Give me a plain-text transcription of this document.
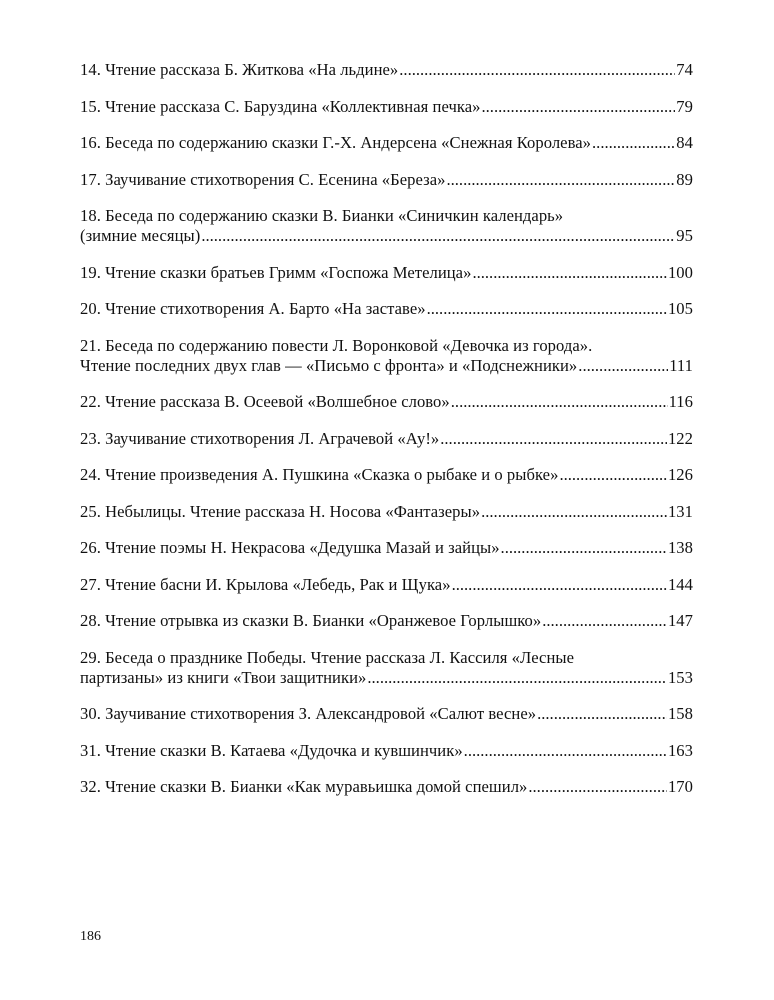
14. Чтение рассказа Б. Житкова «На льдине» .....	74
15. Чтение рассказа С. Баруздина «Коллективная печка» .....	79
16. Беседа по содержанию сказки Г.-Х. Андерсена «Снежная Королева» .....	84
17. Заучивание стихотворения С. Есенина «Береза» .....	89
18. Беседа по содержанию сказки В. Бианки «Синичкин календарь»
(зимние месяцы) .....	95
19. Чтение сказки братьев Гримм «Госпожа Метелица» .....	100
20. Чтение стихотворения А. Барто «На заставе» .....	105
21. Беседа по содержанию повести Л. Воронковой «Девочка из города».
Чтение последних двух глав — «Письмо с фронта» и «Подснежники» .....	111
22. Чтение рассказа В. Осеевой «Волшебное слово» .....	116
23. Заучивание стихотворения Л. Аграчевой «Ау!» .....	122
24. Чтение произведения А. Пушкина «Сказка о рыбаке и о рыбке» .....	126
25. Небылицы. Чтение рассказа Н. Носова «Фантазеры» .....	131
26. Чтение поэмы Н. Некрасова «Дедушка Мазай и зайцы» .....	138
27. Чтение басни И. Крылова «Лебедь, Рак и Щука» .....	144
28. Чтение отрывка из сказки В. Бианки «Оранжевое Горлышко» .....	147
29. Беседа о празднике Победы. Чтение рассказа Л. Кассиля «Лесные
партизаны» из книги «Твои защитники» .....	153
30. Заучивание стихотворения З. Александровой «Салют весне» .....	158
31. Чтение сказки В. Катаева «Дудочка и кувшинчик» .....	163
32. Чтение сказки В. Бианки «Как муравьишка домой спешил» .....	170
186
